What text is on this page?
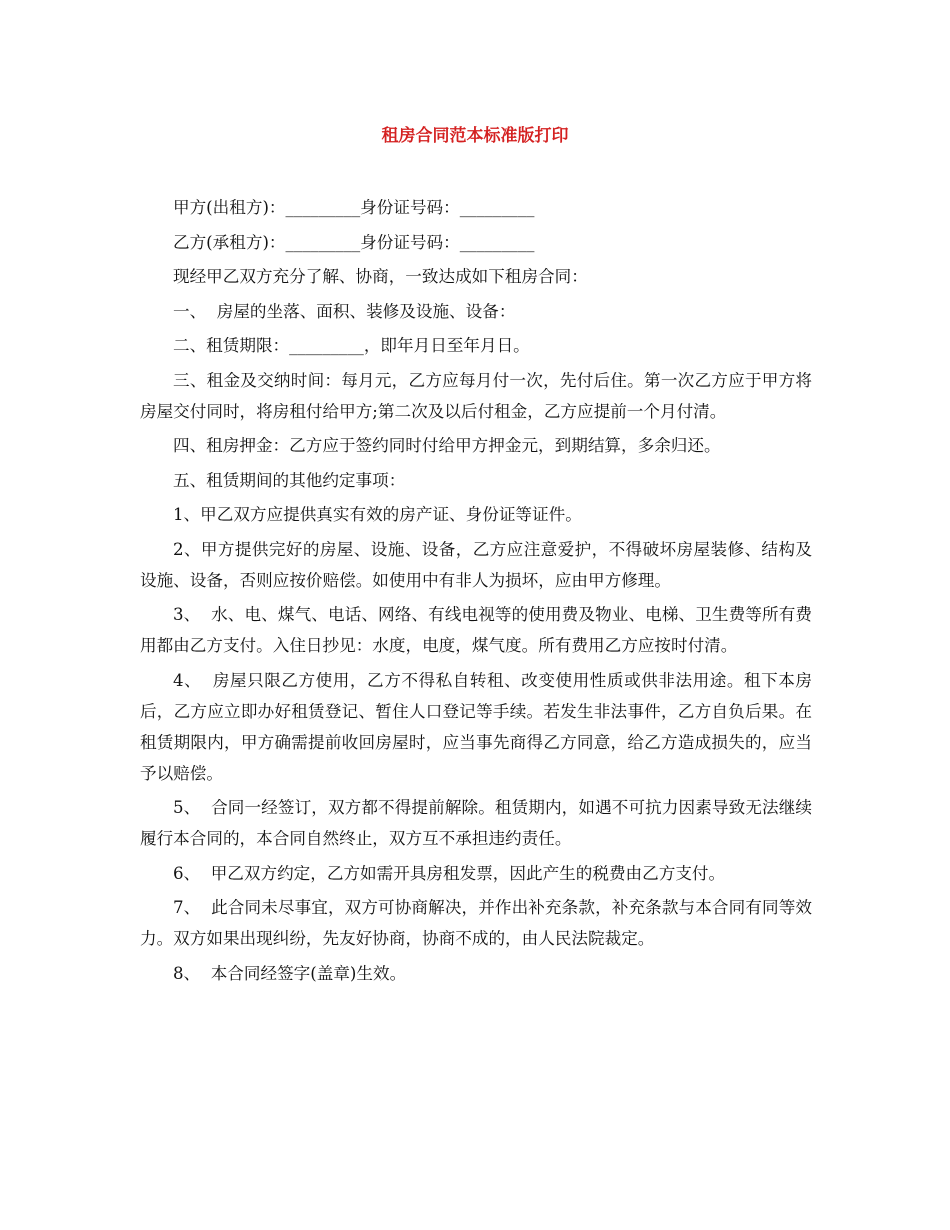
租房合同范本标准版打印

甲方(出租方)：_________身份证号码：_________

乙方(承租方)：_________身份证号码：_________

现经甲乙双方充分了解、协商，一致达成如下租房合同：

一、  房屋的坐落、面积、装修及设施、设备：

二、租赁期限：_________，即年月日至年月日。

三、租金及交纳时间：每月元，乙方应每月付一次，先付后住。第一次乙方应于甲方将房屋交付同时，将房租付给甲方;第二次及以后付租金，乙方应提前一个月付清。

四、租房押金：乙方应于签约同时付给甲方押金元，到期结算，多余归还。

五、租赁期间的其他约定事项：

1、甲乙双方应提供真实有效的房产证、身份证等证件。

2、甲方提供完好的房屋、设施、设备，乙方应注意爱护，不得破坏房屋装修、结构及设施、设备，否则应按价赔偿。如使用中有非人为损坏，应由甲方修理。

3、  水、电、煤气、电话、网络、有线电视等的使用费及物业、电梯、卫生费等所有费用都由乙方支付。入住日抄见：水度，电度，煤气度。所有费用乙方应按时付清。

4、  房屋只限乙方使用，乙方不得私自转租、改变使用性质或供非法用途。租下本房后，乙方应立即办好租赁登记、暂住人口登记等手续。若发生非法事件，乙方自负后果。在租赁期限内，甲方确需提前收回房屋时，应当事先商得乙方同意，给乙方造成损失的，应当予以赔偿。

5、  合同一经签订，双方都不得提前解除。租赁期内，如遇不可抗力因素导致无法继续履行本合同的，本合同自然终止，双方互不承担违约责任。

6、  甲乙双方约定，乙方如需开具房租发票，因此产生的税费由乙方支付。

7、  此合同未尽事宜，双方可协商解决，并作出补充条款，补充条款与本合同有同等效力。双方如果出现纠纷，先友好协商，协商不成的，由人民法院裁定。

8、  本合同经签字(盖章)生效。
